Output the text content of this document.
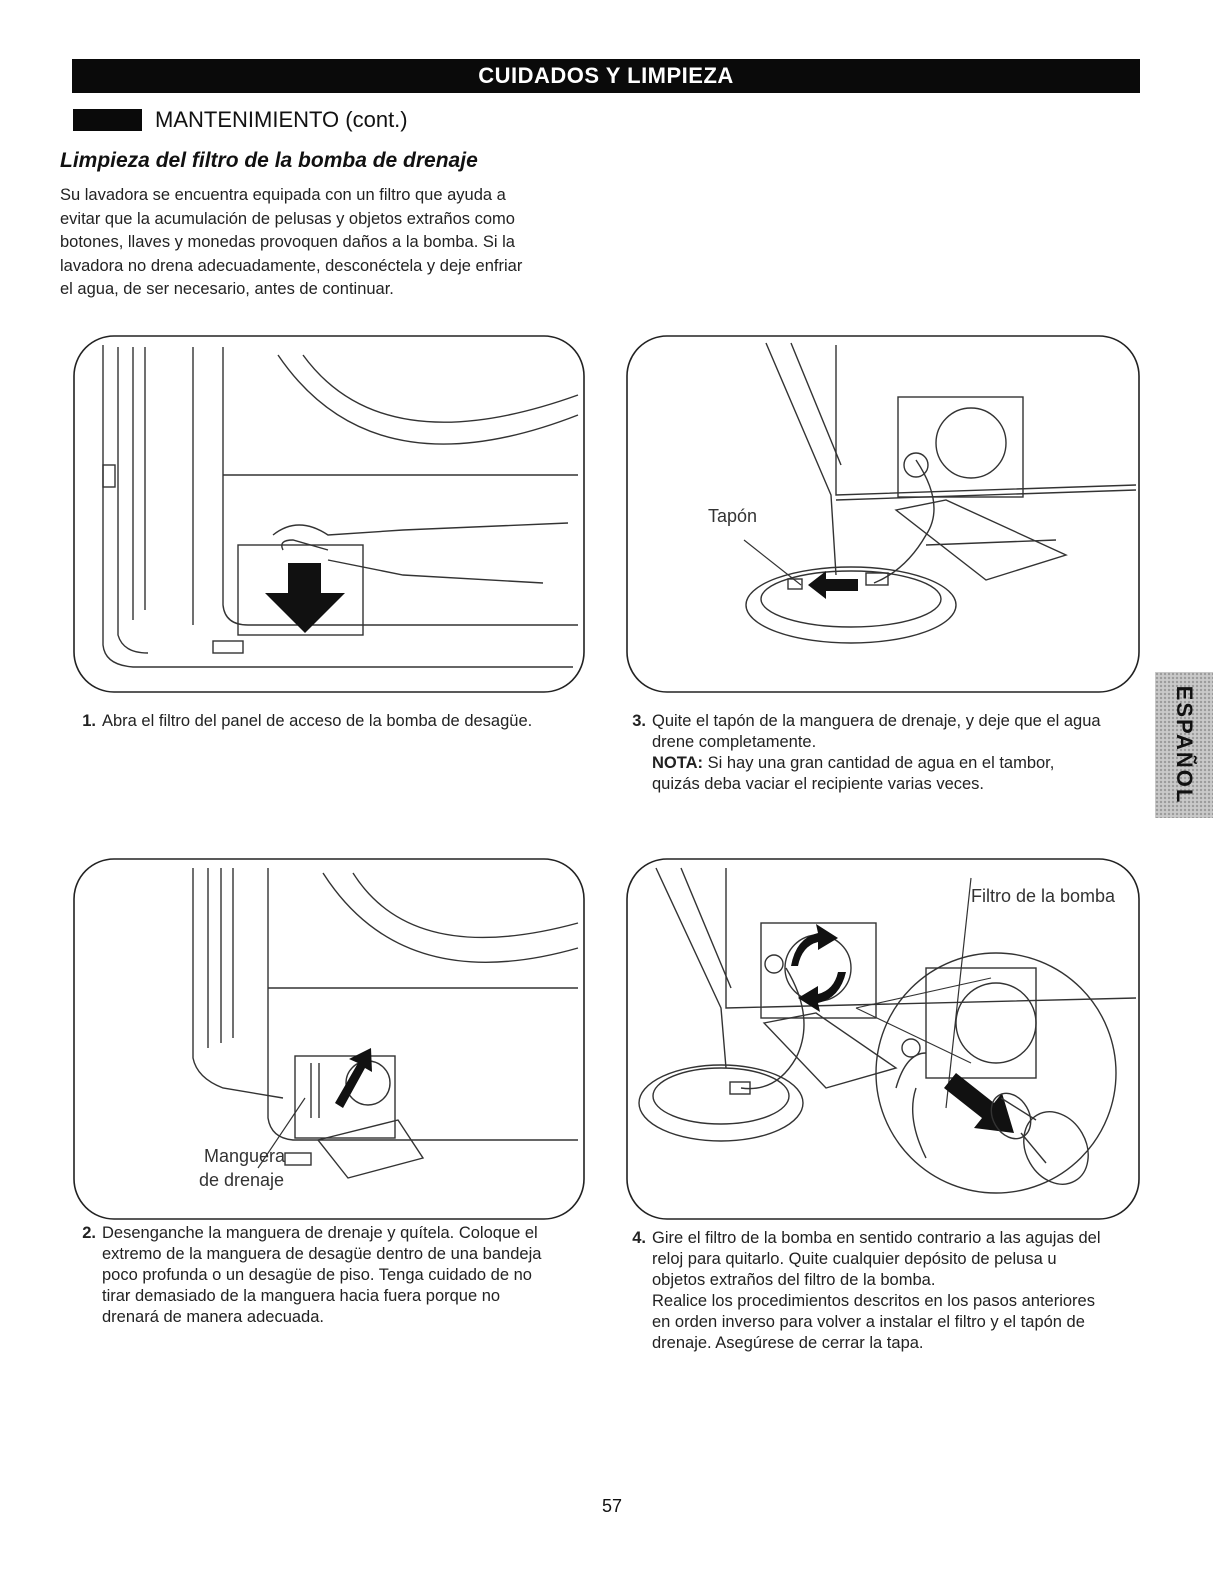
CUIDADOS Y LIMPIEZA
MANTENIMIENTO (cont.)
Limpieza del filtro de la bomba de drenaje
Su lavadora se encuentra equipada con un filtro que ayuda a
evitar que la acumulación de pelusas y objetos extraños como
botones, llaves y monedas provoquen daños a la bomba. Si la
lavadora no drena adecuadamente, desconéctela y deje enfriar
el agua, de ser necesario, antes de continuar.
1. Abra el filtro del panel de acceso de la bomba de desagüe.
Manguera
de drenaje
2. Desenganche la manguera de drenaje y quítela. Coloque el
extremo de la manguera de desagüe dentro de una bandeja
poco profunda o un desagüe de piso. Tenga cuidado de no
tirar demasiado de la manguera hacia fuera porque no
drenará de manera adecuada.
Tapón
3. Quite el tapón de la manguera de drenaje, y deje que el agua
drene completamente.
NOTA: Si hay una gran cantidad de agua en el tambor,
quizás deba vaciar el recipiente varias veces.
Filtro de la bomba
4. Gire el filtro de la bomba en sentido contrario a las agujas del
reloj para quitarlo. Quite cualquier depósito de pelusa u
objetos extraños del filtro de la bomba.
Realice los procedimientos descritos en los pasos anteriores
en orden inverso para volver a instalar el filtro y el tapón de
drenaje. Asegúrese de cerrar la tapa.
ESPAÑOL
57
